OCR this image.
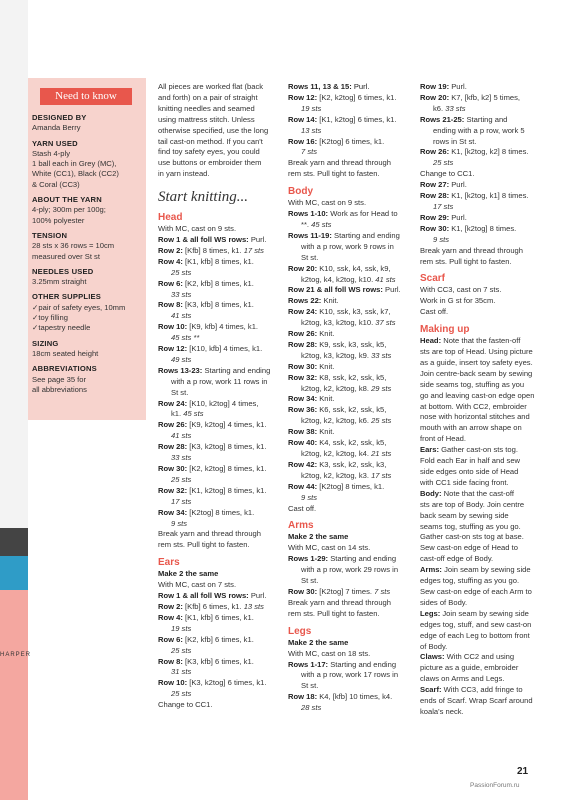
HARPER
Need to know
DESIGNED BY
Amanda Berry
YARN USED
Stash 4-ply
1 ball each in Grey (MC),
White (CC1), Black (CC2)
& Coral (CC3)
ABOUT THE YARN
4-ply; 300m per 100g;
100% polyester
TENSION
28 sts x 36 rows = 10cm
measured over St st
NEEDLES USED
3.25mm straight
OTHER SUPPLIES
✓ pair of safety eyes, 10mm
✓ toy filling
✓ tapestry needle
SIZING
18cm seated height
ABBREVIATIONS
See page 35 for
all abbreviations

All pieces are worked flat (back

and forth) on a pair of straight

knitting needles and seamed

using mattress stitch. Unless

otherwise specified, use the long

tail cast-on method. If you can't

find toy safety eyes, you could

use buttons or embroider them

in yarn instead.

Start knitting...
Head

With MC, cast on 9 sts.

Row 1 & all foll WS rows: Purl.

Row 2: [Kfb] 8 times, k1. 17 sts

Row 4: [K1, kfb] 8 times, k1.

25 sts

Row 6: [K2, kfb] 8 times, k1.

33 sts

Row 8: [K3, kfb] 8 times, k1.

41 sts

Row 10: [K9, kfb] 4 times, k1.

45 sts **

Row 12: [K10, kfb] 4 times, k1.

49 sts

Rows 13-23: Starting and ending

with a p row, work 11 rows in

St st.

Row 24: [K10, k2tog] 4 times,

k1. 45 sts

Row 26: [K9, k2tog] 4 times, k1.

41 sts

Row 28: [K3, k2tog] 8 times, k1.

33 sts

Row 30: [K2, k2tog] 8 times, k1.

25 sts

Row 32: [K1, k2tog] 8 times, k1.

17 sts

Row 34: [K2tog] 8 times, k1.

9 sts

Break yarn and thread through

rem sts. Pull tight to fasten.

Ears

Make 2 the same

With MC, cast on 7 sts.

Row 1 & all foll WS rows: Purl.

Row 2: [Kfb] 6 times, k1. 13 sts

Row 4: [K1, kfb] 6 times, k1.

19 sts

Row 6: [K2, kfb] 6 times, k1.

25 sts

Row 8: [K3, kfb] 6 times, k1.

31 sts

Row 10: [K3, k2tog] 6 times, k1.

25 sts

Change to CC1.

Rows 11, 13 & 15: Purl.

Row 12: [K2, k2tog] 6 times, k1.

19 sts

Row 14: [K1, k2tog] 6 times, k1.

13 sts

Row 16: [K2tog] 6 times, k1.

7 sts

Break yarn and thread through

rem sts. Pull tight to fasten.

Body

With MC, cast on 9 sts.

Rows 1-10: Work as for Head to

**. 45 sts

Rows 11-19: Starting and ending

with a p row, work 9 rows in

St st.

Row 20: K10, ssk, k4, ssk, k9,

k2tog, k4, k2tog, k10. 41 sts

Row 21 & all foll WS rows: Purl.

Rows 22: Knit.

Row 24: K10, ssk, k3, ssk, k7,

k2tog, k3, k2tog, k10. 37 sts

Row 26: Knit.

Row 28: K9, ssk, k3, ssk, k5,

k2tog, k3, k2tog, k9. 33 sts

Row 30: Knit.

Row 32: K8, ssk, k2, ssk, k5,

k2tog, k2, k2tog, k8. 29 sts

Row 34: Knit.

Row 36: K6, ssk, k2, ssk, k5,

k2tog, k2, k2tog, k6. 25 sts

Row 38: Knit.

Row 40: K4, ssk, k2, ssk, k5,

k2tog, k2, k2tog, k4. 21 sts

Row 42: K3, ssk, k2, ssk, k3,

k2tog, k2, k2tog, k3. 17 sts

Row 44: [K2tog] 8 times, k1.

9 sts

Cast off.

Arms

Make 2 the same

With MC, cast on 14 sts.

Rows 1-29: Starting and ending

with a p row, work 29 rows in

St st.

Row 30: [K2tog] 7 times. 7 sts

Break yarn and thread through

rem sts. Pull tight to fasten.

Legs

Make 2 the same

With MC, cast on 18 sts.

Rows 1-17: Starting and ending

with a p row, work 17 rows in

St st.

Row 18: K4, [kfb] 10 times, k4.

28 sts

Row 19: Purl.

Row 20: K7, [kfb, k2] 5 times,

k6. 33 sts

Rows 21-25: Starting and

ending with a p row, work 5

rows in St st.

Row 26: K1, [k2tog, k2] 8 times.

25 sts

Change to CC1.

Row 27: Purl.

Row 28: K1, [k2tog, k1] 8 times.

17 sts

Row 29: Purl.

Row 30: K1, [k2tog] 8 times.

9 sts

Break yarn and thread through

rem sts. Pull tight to fasten.

Scarf

With CC3, cast on 7 sts.

Work in G st for 35cm.

Cast off.

Making up

Head: Note that the fasten-off

sts are top of Head. Using picture

as a guide, insert toy safety eyes.

Join centre-back seam by sewing

side seams tog, stuffing as you

go and leaving cast-on edge open

at bottom. With CC2, embroider

nose with horizontal stitches and

mouth with an arrow shape on

front of Head.

Ears: Gather cast-on sts tog.

Fold each Ear in half and sew

side edges onto side of Head

with CC1 side facing front.

Body: Note that the cast-off

sts are top of Body. Join centre

back seam by sewing side

seams tog, stuffing as you go.

Gather cast-on sts tog at base.

Sew cast-on edge of Head to

cast-off edge of Body.

Arms: Join seam by sewing side

edges tog, stuffing as you go.

Sew cast-on edge of each Arm to

sides of Body.

Legs: Join seam by sewing side

edges tog, stuff, and sew cast-on

edge of each Leg to bottom front

of Body.

Claws: With CC2 and using

picture as a guide, embroider

claws on Arms and Legs.

Scarf: With CC3, add fringe to

ends of Scarf. Wrap Scarf around

koala's neck.

21
PassionForum.ru
